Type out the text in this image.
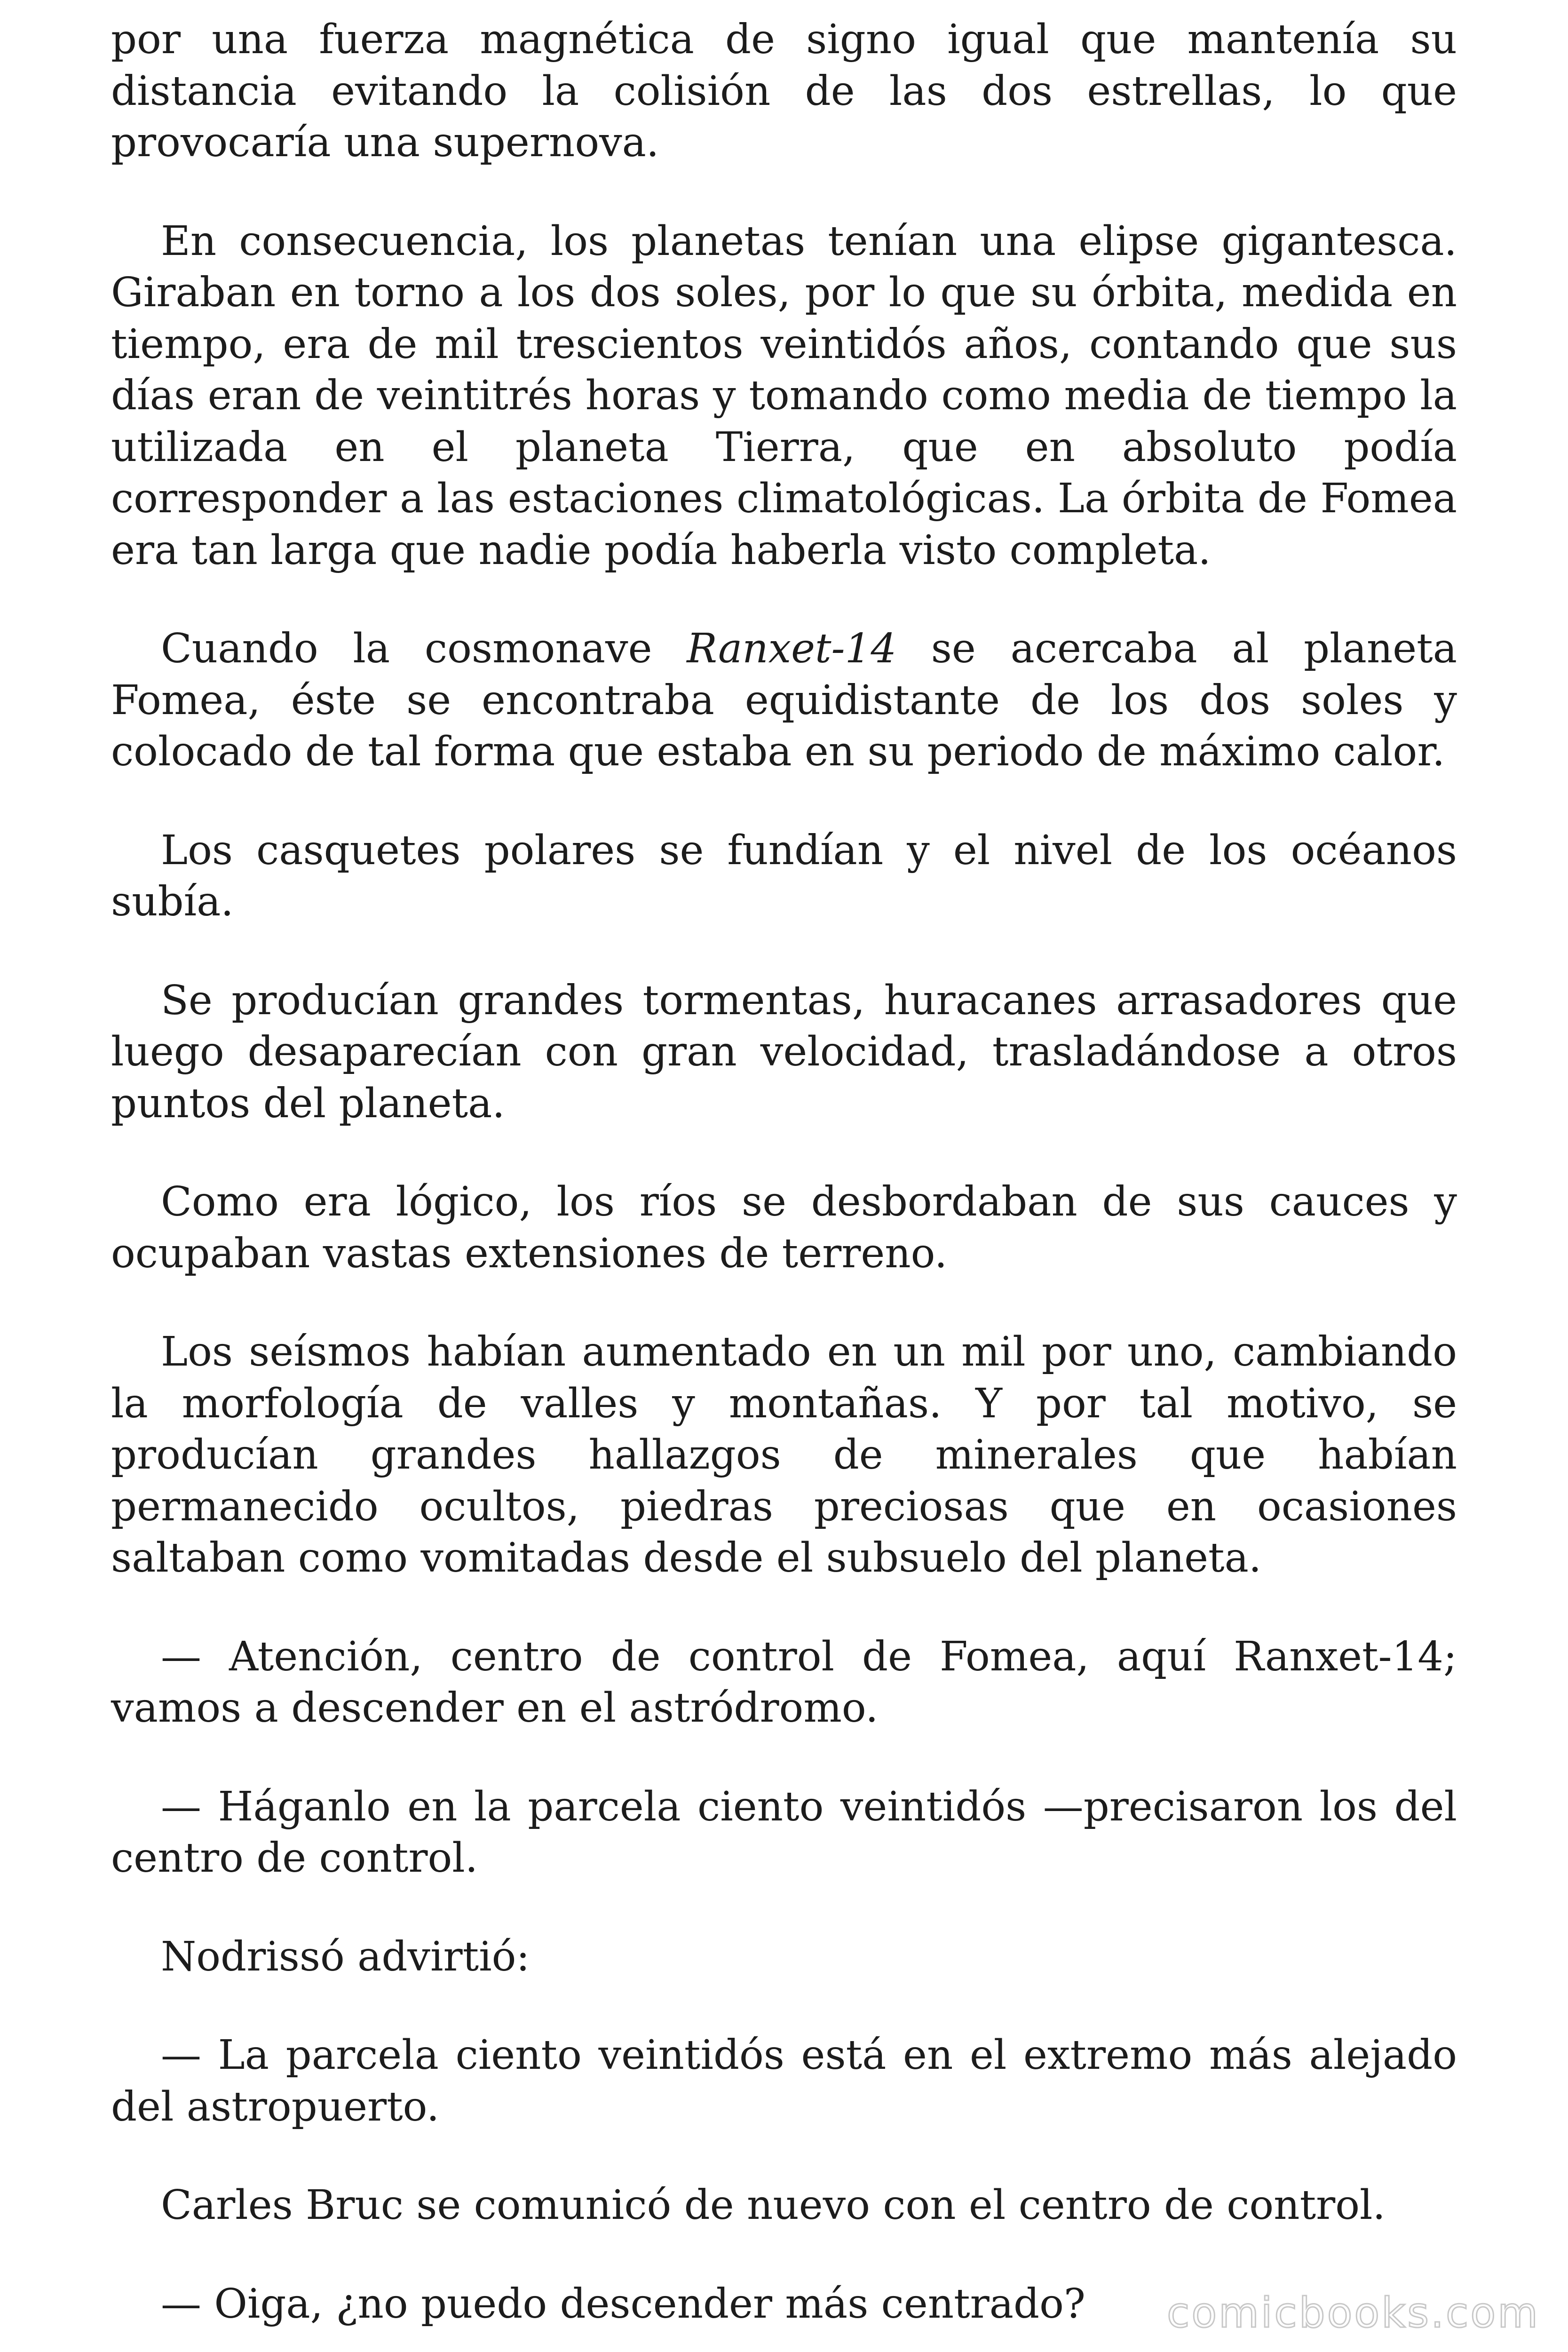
por una fuerza magnética de signo igual que mantenía su distancia evitando la colisión de las dos estrellas, lo que provocaría una supernova.

En consecuencia, los planetas tenían una elipse gigantesca. Giraban en torno a los dos soles, por lo que su órbita, medida en tiempo, era de mil trescientos veintidós años, contando que sus días eran de veintitrés horas y tomando como media de tiempo la utilizada en el planeta Tierra, que en absoluto podía corresponder a las estaciones climatológicas. La órbita de Fomea era tan larga que nadie podía haberla visto completa.

Cuando la cosmonave Ranxet-14 se acercaba al planeta Fomea, éste se encontraba equidistante de los dos soles y colocado de tal forma que estaba en su periodo de máximo calor.

Los casquetes polares se fundían y el nivel de los océanos subía.

Se producían grandes tormentas, huracanes arrasadores que luego desaparecían con gran velocidad, trasladándose a otros puntos del planeta.

Como era lógico, los ríos se desbordaban de sus cauces y ocupaban vastas extensiones de terreno.

Los seísmos habían aumentado en un mil por uno, cambiando la morfología de valles y montañas. Y por tal motivo, se producían grandes hallazgos de minerales que habían permanecido ocultos, piedras preciosas que en ocasiones saltaban como vomitadas desde el subsuelo del planeta.

— Atención, centro de control de Fomea, aquí Ranxet-14; vamos a descender en el astródromo.

— Háganlo en la parcela ciento veintidós —precisaron los del centro de control.

Nodrissó advirtió:

— La parcela ciento veintidós está en el extremo más alejado del astropuerto.

Carles Bruc se comunicó de nuevo con el centro de control.

— Oiga, ¿no puedo descender más centrado?	comicbooks.com
